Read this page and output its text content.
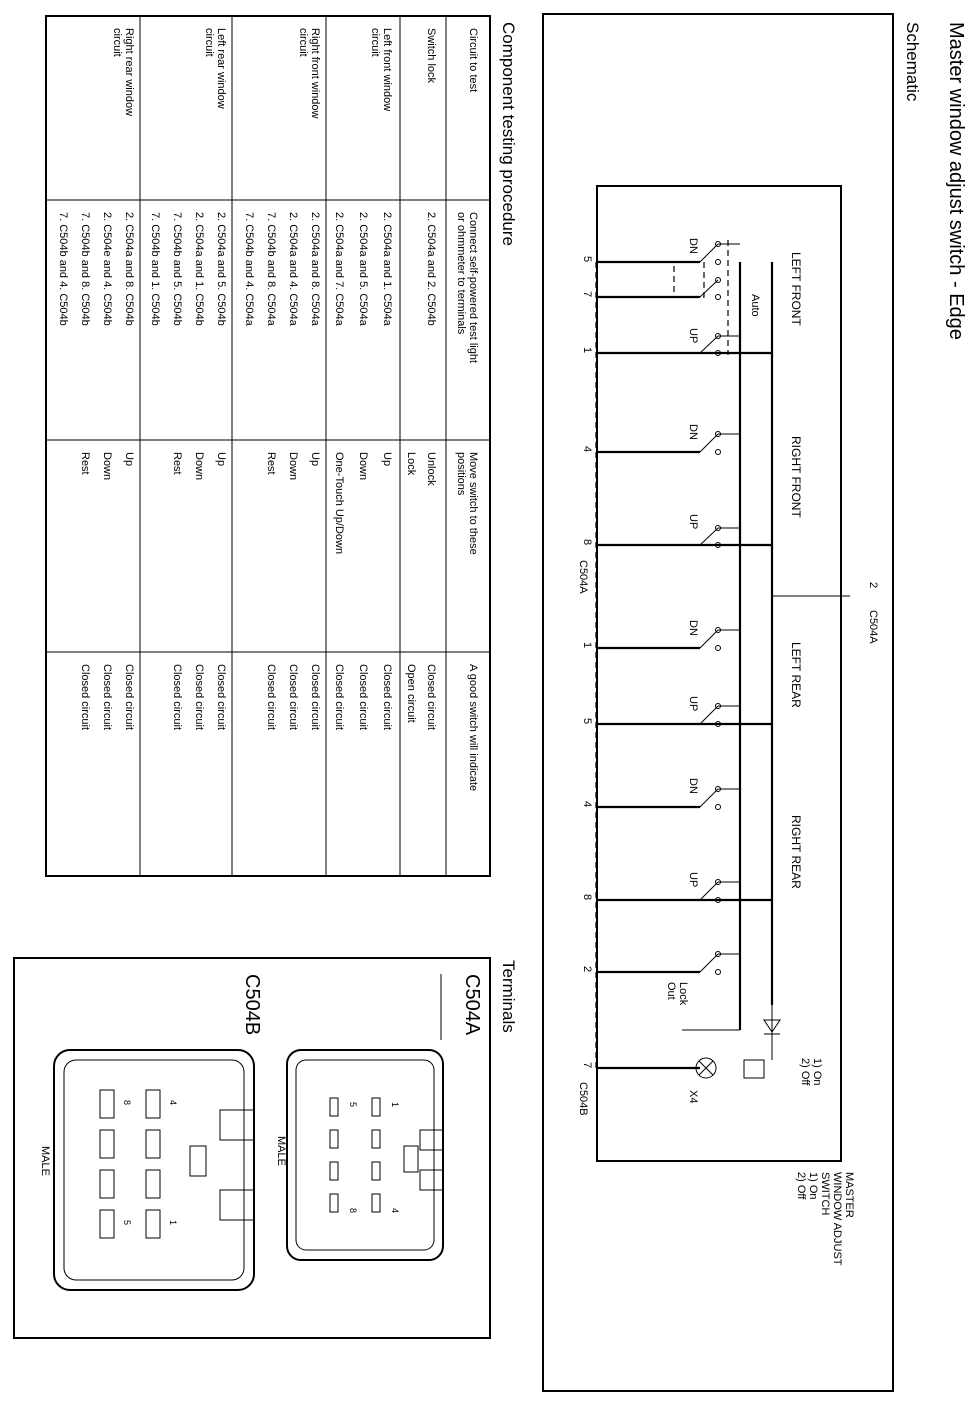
Master window adjust switch - Edge
Schematic
LEFT FRONT
RIGHT FRONT
LEFT REAR
RIGHT REAR
2
C504A
5
7
1
4
8
1
5
4
8
2
7
C504A
C504B
Auto
DN
UP
DN
UP
DN
UP
DN
UP
Lock
Out
X4
1) On
2) Off
MASTER
WINDOW ADJUST
SWITCH
1) On
2) Off
Component testing procedure
Circuit to test
Connect self-powered test light
or ohmmeter to terminals
Move switch to these
positions
A good switch will indicate
Switch lock
2. C504a and 2. C504b
Unlock
Lock
Closed circuit
Open circuit
Left front window
circuit
2. C504a and 1. C504a
2. C504a and 5. C504a
2. C504a and 7. C504a
Up
Down
One-Touch Up/Down
Closed circuit
Closed circuit
Closed circuit
Right front window
circuit
2. C504a and 8. C504a
2. C504a and 4. C504a
7. C504b and 8. C504a
7. C504b and 4. C504a
Up
Down
Rest
Closed circuit
Closed circuit
Closed circuit
Left rear window
circuit
2. C504a and 5. C504b
2. C504a and 1. C504b
7. C504b and 5. C504b
7. C504b and 1. C504b
Up
Down
Rest
Closed circuit
Closed circuit
Closed circuit
Right rear window
circuit
2. C504a and 8. C504b
2. C504e and 4. C504b
7. C504b and 8. C504b
7. C504b and 4. C504b
Up
Down
Rest
Closed circuit
Closed circuit
Closed circuit
Terminals
C504A
1
4
5
8
MALE
C504B
4
1
8
5
MALE
